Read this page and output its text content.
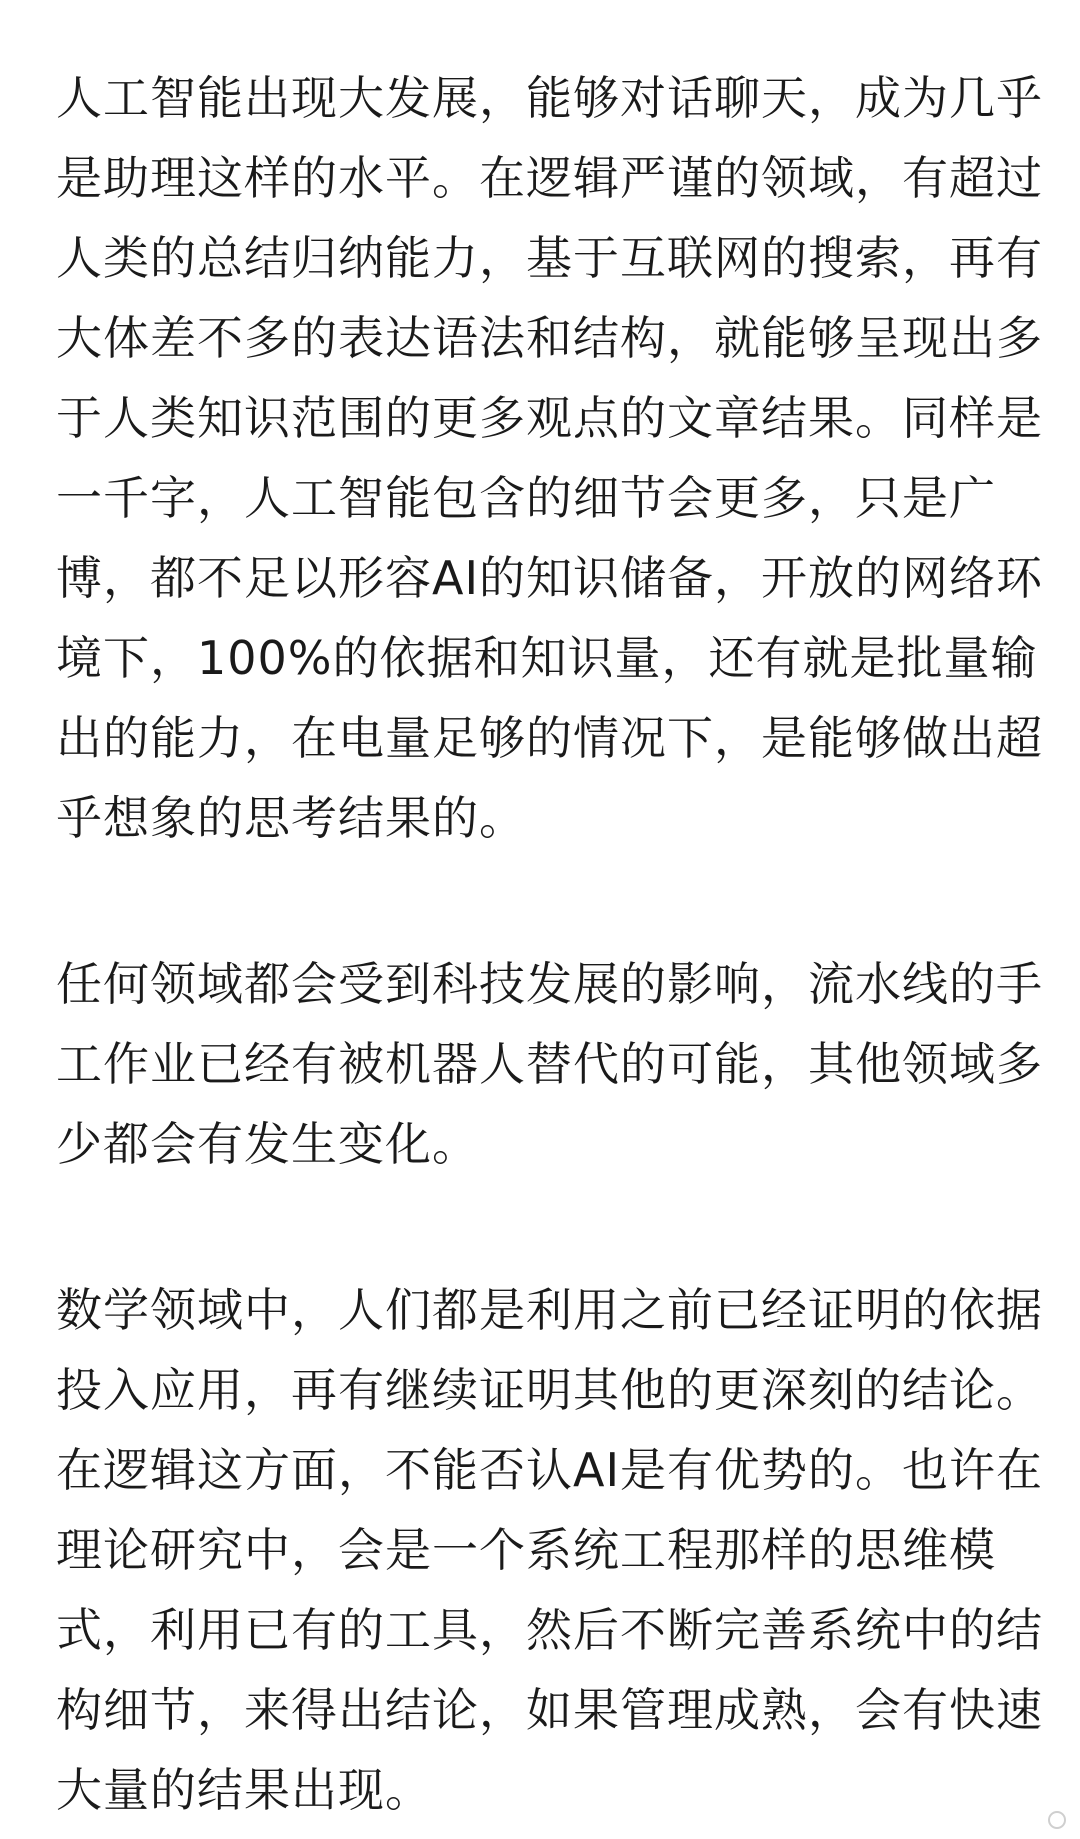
人工智能出现大发展，能够对话聊天，成为几乎
是助理这样的水平。在逻辑严谨的领域，有超过
人类的总结归纳能力，基于互联网的搜索，再有
大体差不多的表达语法和结构，就能够呈现出多
于人类知识范围的更多观点的文章结果。同样是
一千字，人工智能包含的细节会更多，只是广
博，都不足以形容AI的知识储备，开放的网络环
境下，100%的依据和知识量，还有就是批量输
出的能力，在电量足够的情况下，是能够做出超
乎想象的思考结果的。

任何领域都会受到科技发展的影响，流水线的手
工作业已经有被机器人替代的可能，其他领域多
少都会有发生变化。

数学领域中，人们都是利用之前已经证明的依据
投入应用，再有继续证明其他的更深刻的结论。
在逻辑这方面，不能否认AI是有优势的。也许在
理论研究中，会是一个系统工程那样的思维模
式，利用已有的工具，然后不断完善系统中的结
构细节，来得出结论，如果管理成熟，会有快速
大量的结果出现。
